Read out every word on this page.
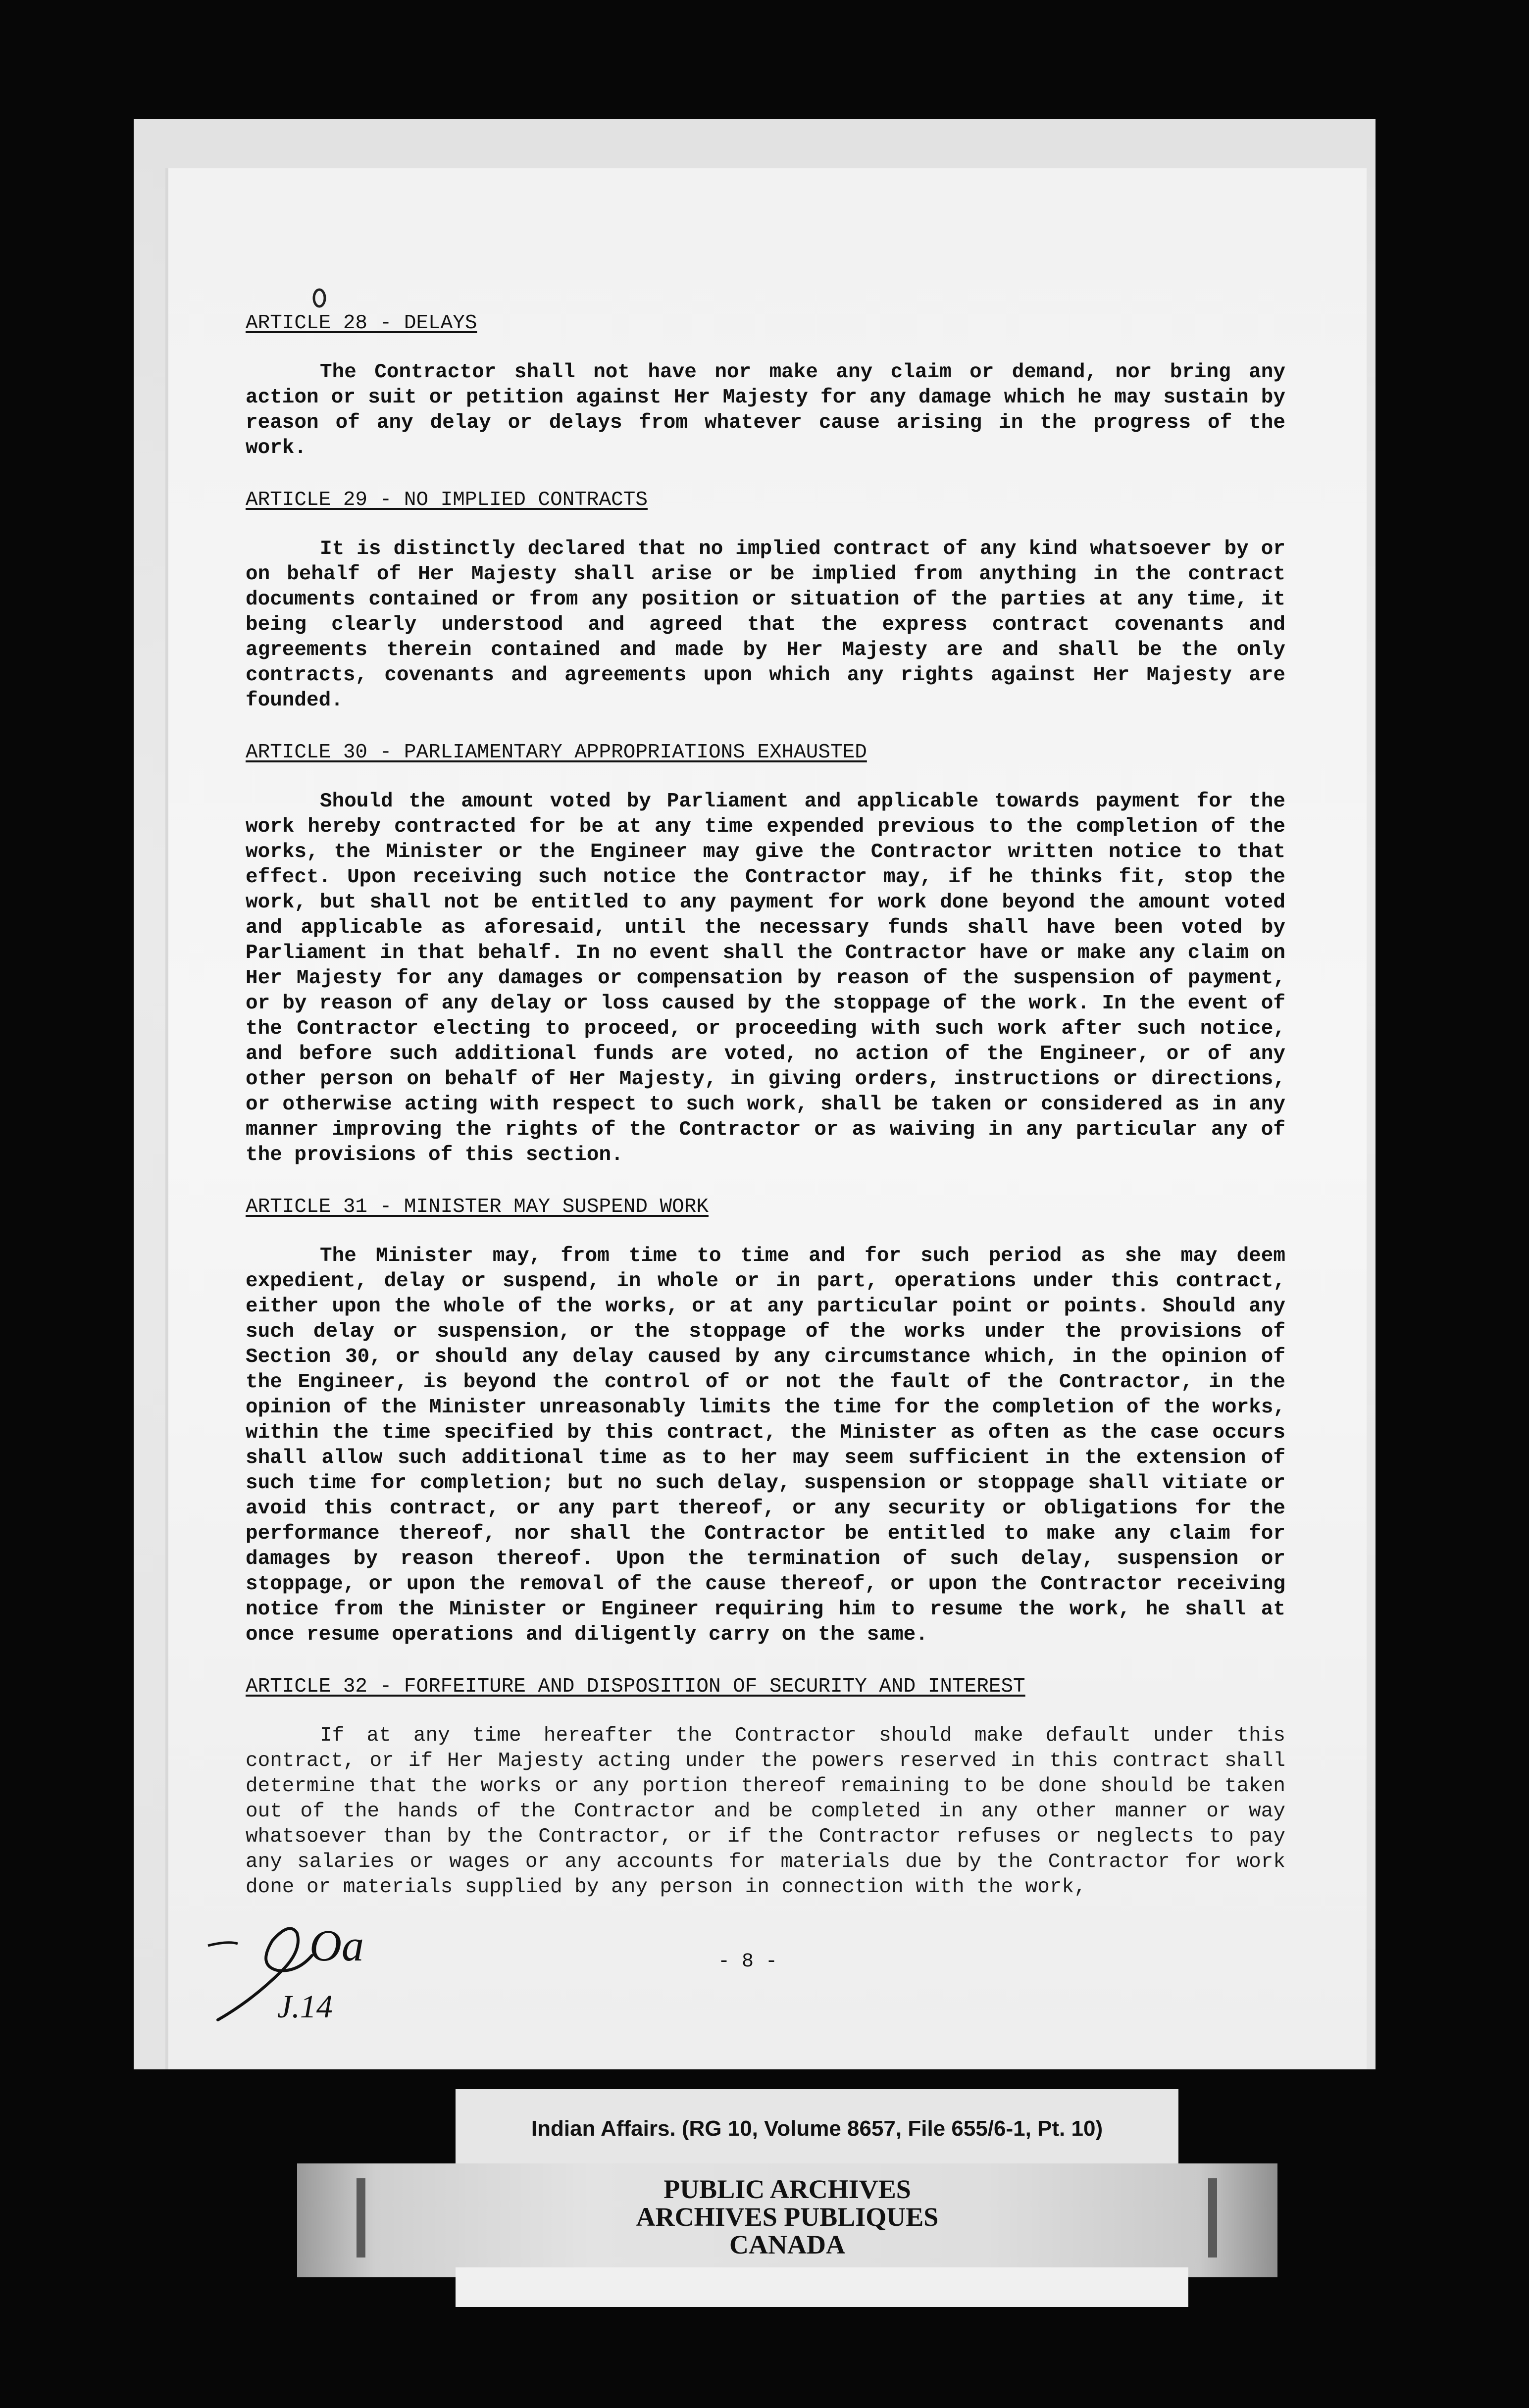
ARTICLE 28 - DELAYS

The Contractor shall not have nor make any claim or demand, nor bring any action or suit or petition against Her Majesty for any damage which he may sustain by reason of any delay or delays from whatever cause arising in the progress of the work.

ARTICLE 29 - NO IMPLIED CONTRACTS

It is distinctly declared that no implied contract of any kind whatsoever by or on behalf of Her Majesty shall arise or be implied from anything in the contract documents contained or from any position or situation of the parties at any time, it being clearly understood and agreed that the express contract covenants and agreements therein contained and made by Her Majesty are and shall be the only contracts, covenants and agreements upon which any rights against Her Majesty are founded.

ARTICLE 30 - PARLIAMENTARY APPROPRIATIONS EXHAUSTED

Should the amount voted by Parliament and applicable towards payment for the work hereby contracted for be at any time expended previous to the completion of the works, the Minister or the Engineer may give the Contractor written notice to that effect. Upon receiving such notice the Contractor may, if he thinks fit, stop the work, but shall not be entitled to any payment for work done beyond the amount voted and applicable as aforesaid, until the necessary funds shall have been voted by Parliament in that behalf. In no event shall the Contractor have or make any claim on Her Majesty for any damages or compensation by reason of the suspension of payment, or by reason of any delay or loss caused by the stoppage of the work. In the event of the Contractor electing to proceed, or proceeding with such work after such notice, and before such additional funds are voted, no action of the Engineer, or of any other person on behalf of Her Majesty, in giving orders, instructions or directions, or otherwise acting with respect to such work, shall be taken or considered as in any manner improving the rights of the Contractor or as waiving in any particular any of the provisions of this section.

ARTICLE 31 - MINISTER MAY SUSPEND WORK

The Minister may, from time to time and for such period as she may deem expedient, delay or suspend, in whole or in part, operations under this contract, either upon the whole of the works, or at any particular point or points. Should any such delay or suspension, or the stoppage of the works under the provisions of Section 30, or should any delay caused by any circumstance which, in the opinion of the Engineer, is beyond the control of or not the fault of the Contractor, in the opinion of the Minister unreasonably limits the time for the completion of the works, within the time specified by this contract, the Minister as often as the case occurs shall allow such additional time as to her may seem sufficient in the extension of such time for completion; but no such delay, suspension or stoppage shall vitiate or avoid this contract, or any part thereof, or any security or obligations for the performance thereof, nor shall the Contractor be entitled to make any claim for damages by reason thereof. Upon the termination of such delay, suspension or stoppage, or upon the removal of the cause thereof, or upon the Contractor receiving notice from the Minister or Engineer requiring him to resume the work, he shall at once resume operations and diligently carry on the same.

ARTICLE 32 - FORFEITURE AND DISPOSITION OF SECURITY AND INTEREST

If at any time hereafter the Contractor should make default under this contract, or if Her Majesty acting under the powers reserved in this contract shall determine that the works or any portion thereof remaining to be done should be taken out of the hands of the Contractor and be completed in any other manner or way whatsoever than by the Contractor, or if the Contractor refuses or neglects to pay any salaries or wages or any accounts for materials due by the Contractor for work done or materials supplied by any person in connection with the work,

- 8 -
Oa
J.14
Indian Affairs. (RG 10, Volume 8657, File 655/6-1, Pt. 10)
PUBLIC ARCHIVES
ARCHIVES PUBLIQUES
CANADA
